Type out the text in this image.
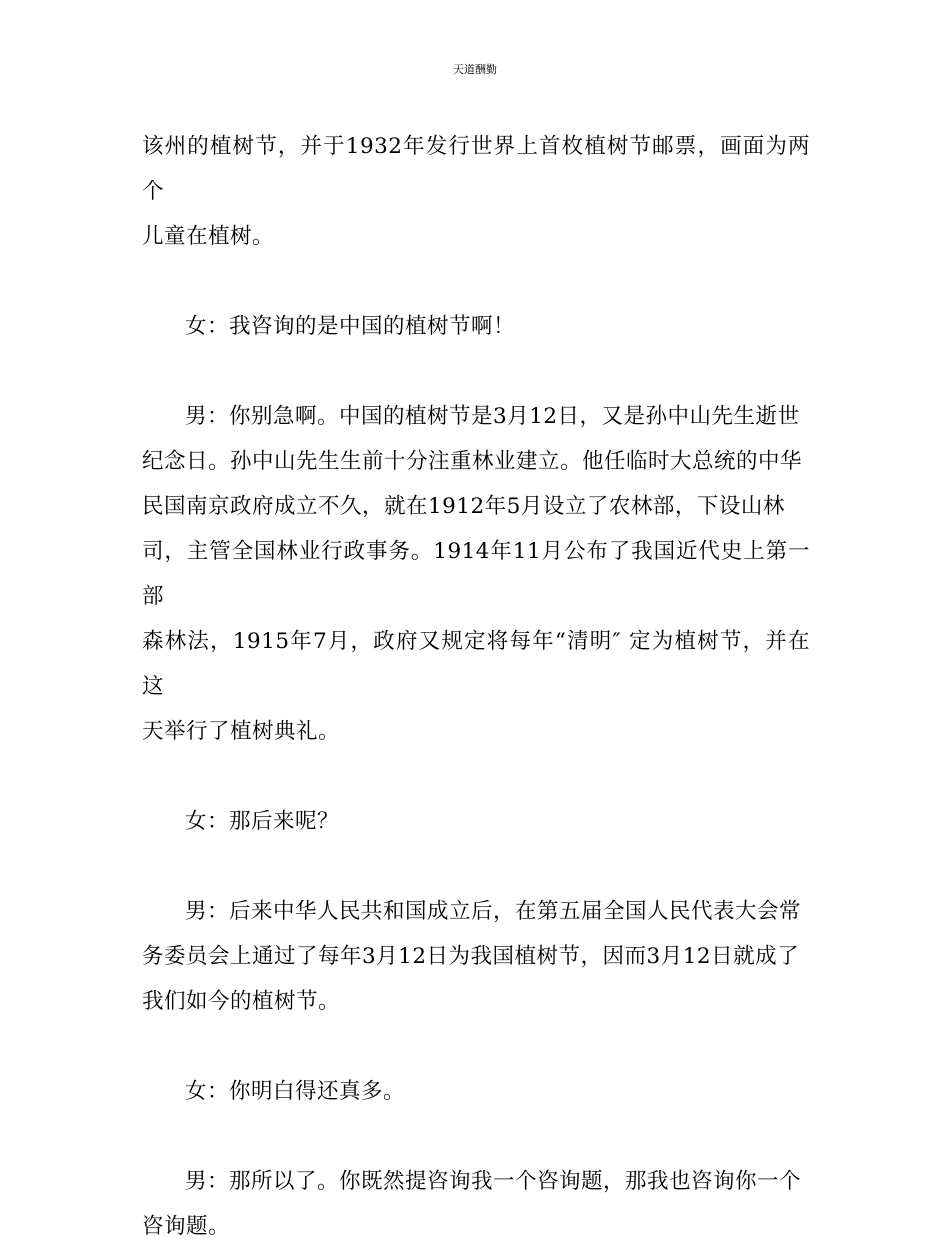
天道酬勤
该州的植树节，并于1932年发行世界上首枚植树节邮票，画面为两个
儿童在植树。
女：我咨询的是中国的植树节啊！
男：你别急啊。中国的植树节是3月12日，又是孙中山先生逝世
纪念日。孙中山先生生前十分注重林业建立。他任临时大总统的中华
民国南京政府成立不久，就在1912年5月设立了农林部，下设山林
司，主管全国林业行政事务。1914年11月公布了我国近代史上第一部
森林法，1915年7月，政府又规定将每年“清明″ 定为植树节，并在这
天举行了植树典礼。
女：那后来呢？
男：后来中华人民共和国成立后，在第五届全国人民代表大会常
务委员会上通过了每年3月12日为我国植树节，因而3月12日就成了
我们如今的植树节。
女：你明白得还真多。
男：那所以了。你既然提咨询我一个咨询题，那我也咨询你一个
咨询题。
